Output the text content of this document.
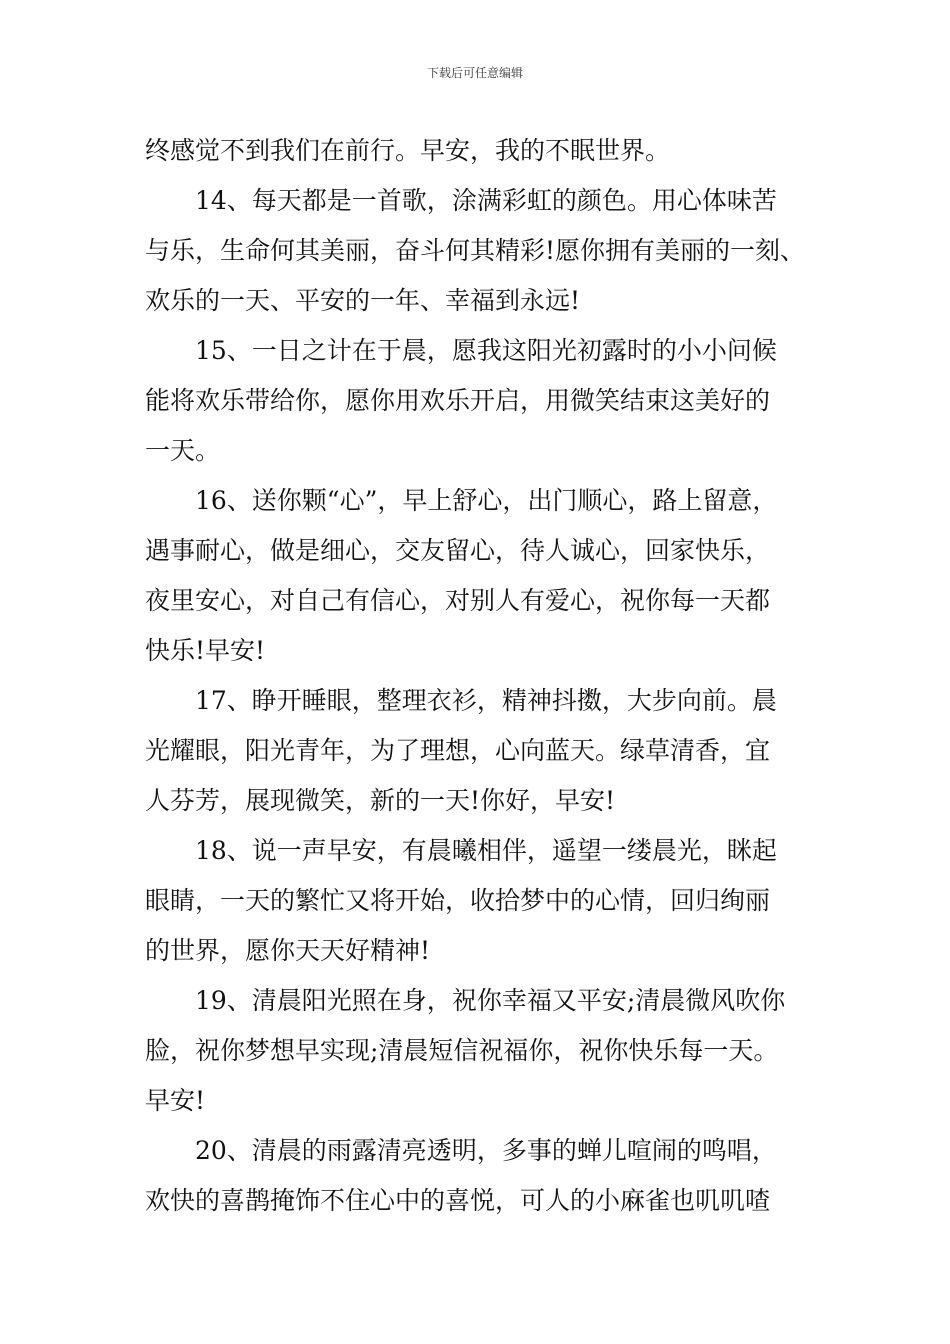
下载后可任意编辑

终感觉不到我们在前行。早安，我的不眠世界。

　　14、每天都是一首歌，涂满彩虹的颜色。用心体味苦

与乐，生命何其美丽，奋斗何其精彩!愿你拥有美丽的一刻、

欢乐的一天、平安的一年、幸福到永远!

　　15、一日之计在于晨，愿我这阳光初露时的小小问候

能将欢乐带给你，愿你用欢乐开启，用微笑结束这美好的

一天。

　　16、送你颗“心”，早上舒心，出门顺心，路上留意，

遇事耐心，做是细心，交友留心，待人诚心，回家快乐，

夜里安心，对自己有信心，对别人有爱心，祝你每一天都

快乐!早安!

　　17、睁开睡眼，整理衣衫，精神抖擞，大步向前。晨

光耀眼，阳光青年，为了理想，心向蓝天。绿草清香，宜

人芬芳，展现微笑，新的一天!你好，早安!

　　18、说一声早安，有晨曦相伴，遥望一缕晨光，眯起

眼睛，一天的繁忙又将开始，收拾梦中的心情，回归绚丽

的世界，愿你天天好精神!

　　19、清晨阳光照在身，祝你幸福又平安;清晨微风吹你

脸，祝你梦想早实现;清晨短信祝福你，祝你快乐每一天。

早安!

　　20、清晨的雨露清亮透明，多事的蝉儿喧闹的鸣唱，

欢快的喜鹊掩饰不住心中的喜悦，可人的小麻雀也叽叽喳
